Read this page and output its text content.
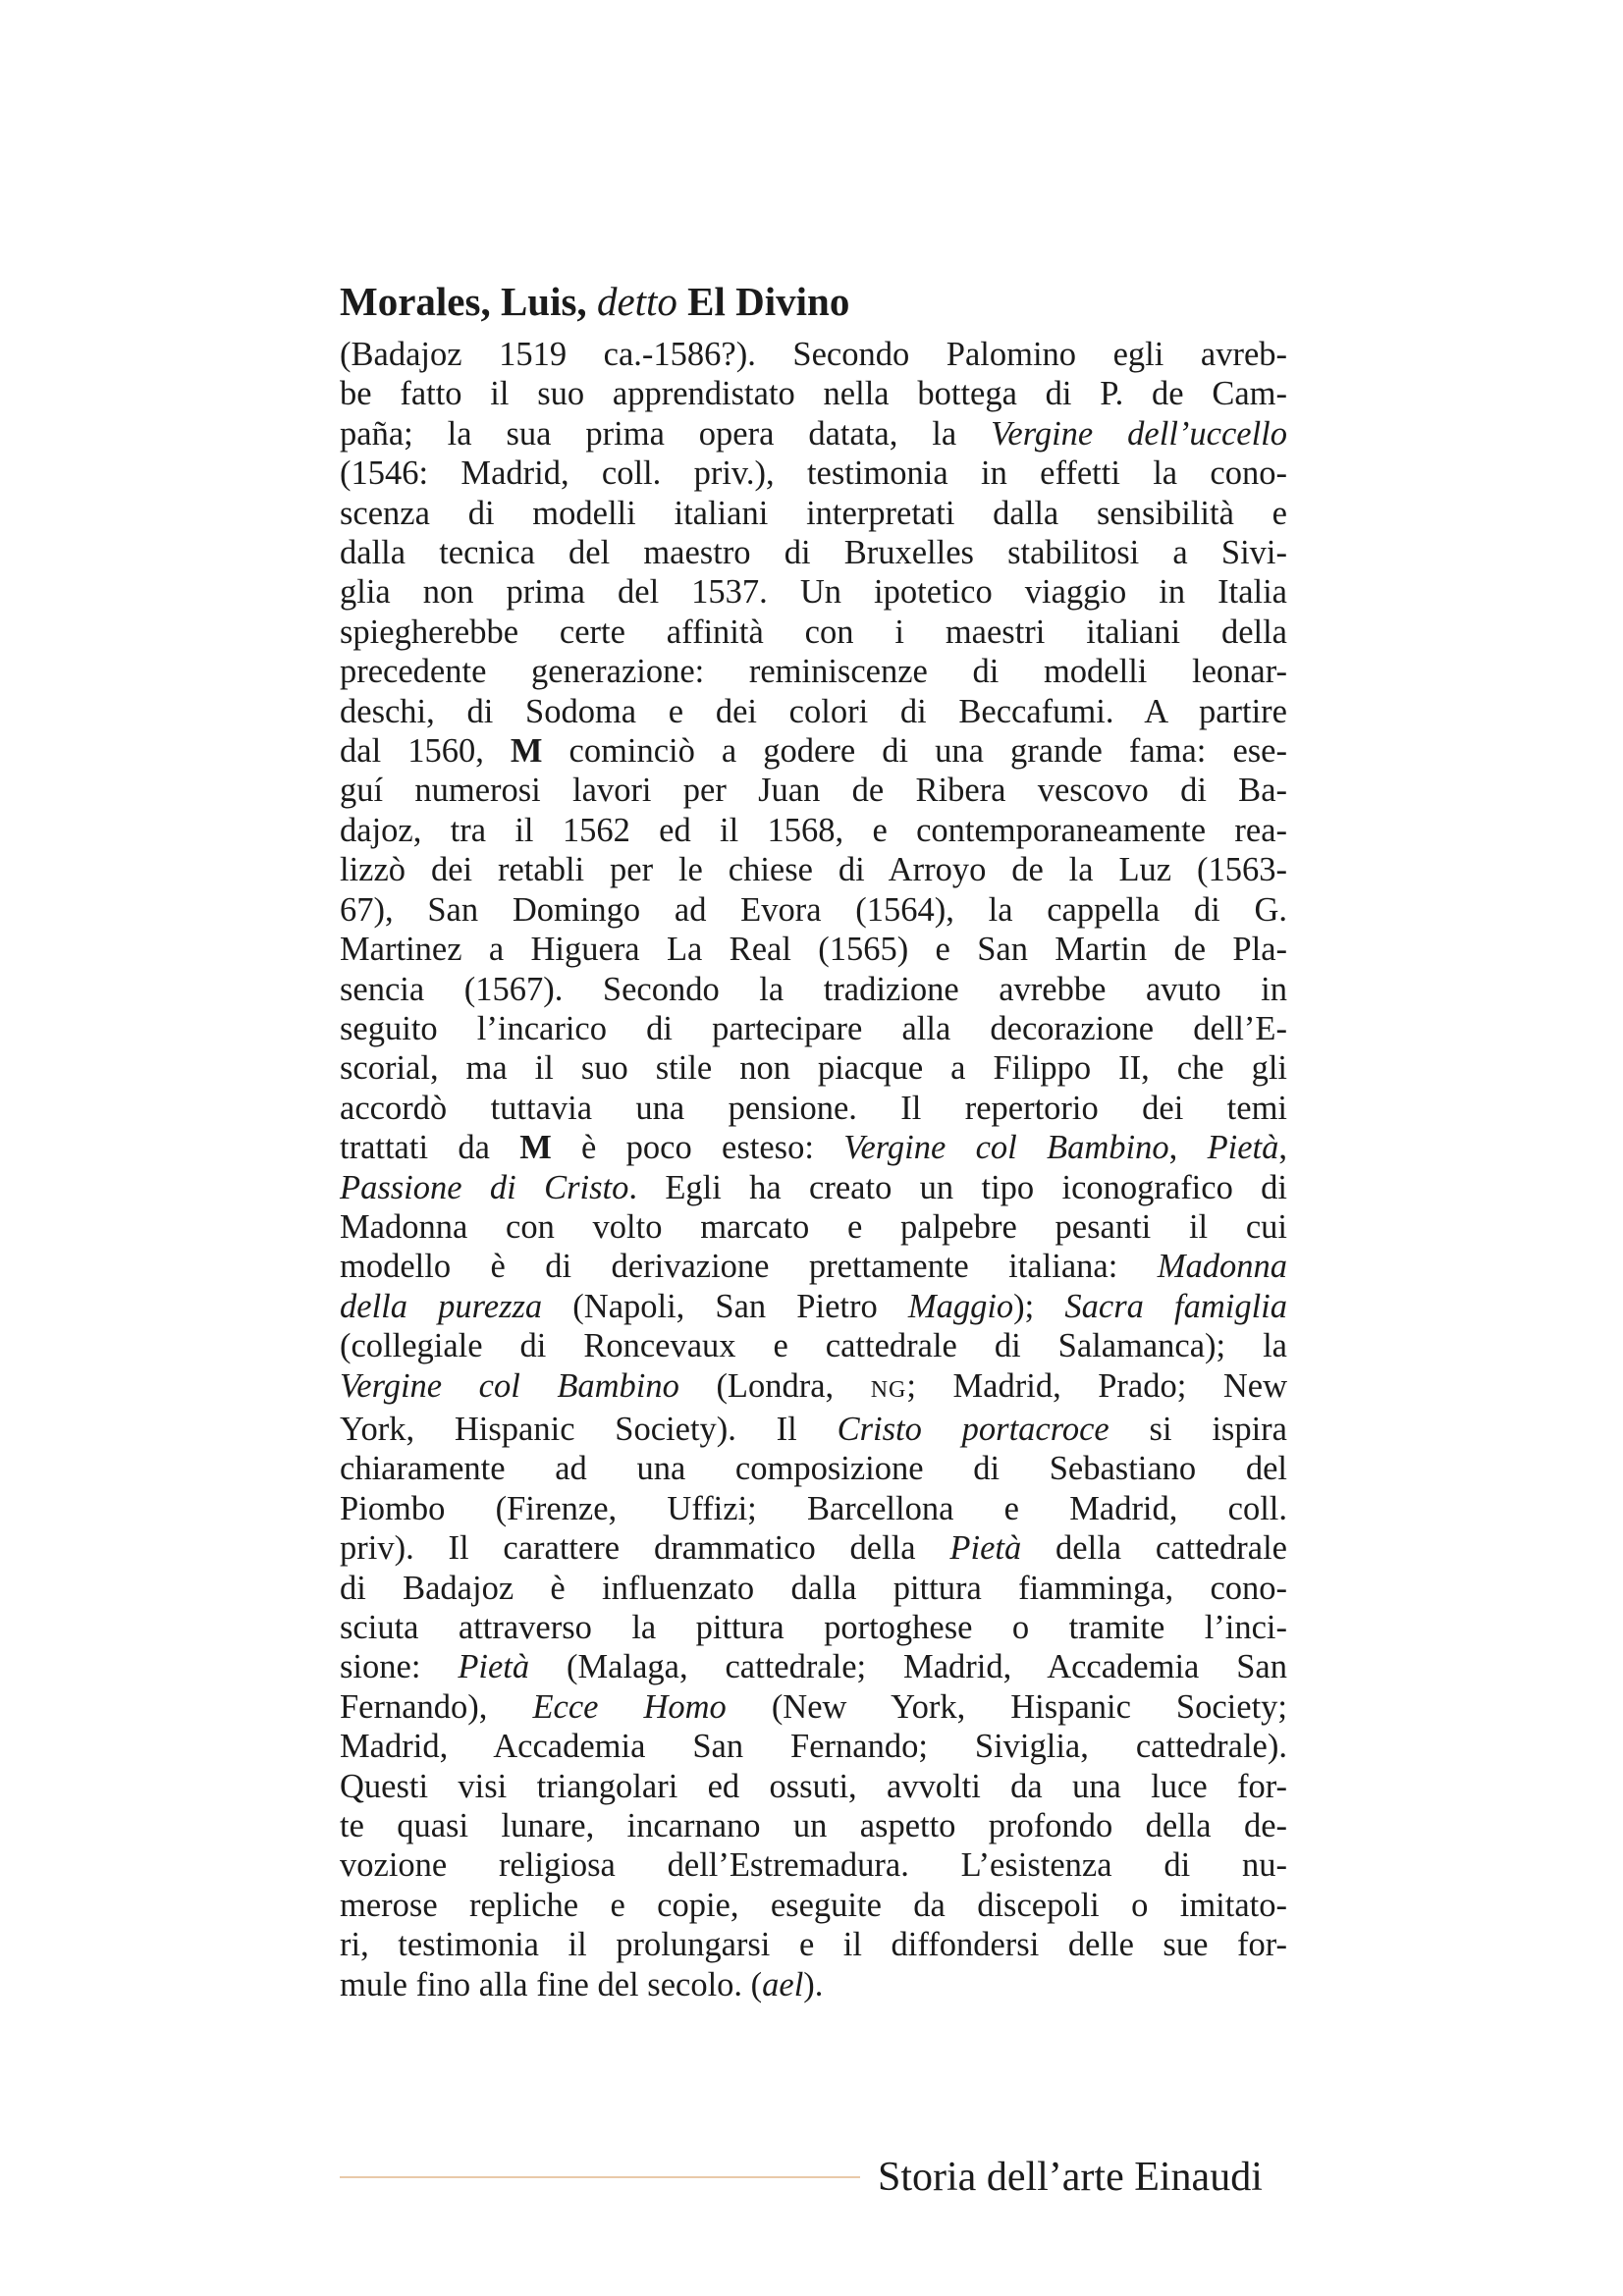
Morales, Luis, detto El Divino
(Badajoz 1519 ca.-1586?). Secondo Palomino egli avreb-
be fatto il suo apprendistato nella bottega di P. de Cam-
paña; la sua prima opera datata, la Vergine dell’uccello
(1546: Madrid, coll. priv.), testimonia in effetti la cono-
scenza di modelli italiani interpretati dalla sensibilità e
dalla tecnica del maestro di Bruxelles stabilitosi a Sivi-
glia non prima del 1537. Un ipotetico viaggio in Italia
spiegherebbe certe affinità con i maestri italiani della
precedente generazione: reminiscenze di modelli leonar-
deschi, di Sodoma e dei colori di Beccafumi. A partire
dal 1560, M cominciò a godere di una grande fama: ese-
guí numerosi lavori per Juan de Ribera vescovo di Ba-
dajoz, tra il 1562 ed il 1568, e contemporaneamente rea-
lizzò dei retabli per le chiese di Arroyo de la Luz (1563-
67), San Domingo ad Evora (1564), la cappella di G.
Martinez a Higuera La Real (1565) e San Martin de Pla-
sencia (1567). Secondo la tradizione avrebbe avuto in
seguito l’incarico di partecipare alla decorazione dell’E-
scorial, ma il suo stile non piacque a Filippo II, che gli
accordò tuttavia una pensione. Il repertorio dei temi
trattati da M è poco esteso: Vergine col Bambino, Pietà,
Passione di Cristo. Egli ha creato un tipo iconografico di
Madonna con volto marcato e palpebre pesanti il cui
modello è di derivazione prettamente italiana: Madonna
della purezza (Napoli, San Pietro Maggio); Sacra famiglia
(collegiale di Roncevaux e cattedrale di Salamanca); la
Vergine col Bambino (Londra, NG; Madrid, Prado; New
York, Hispanic Society). Il Cristo portacroce si ispira
chiaramente ad una composizione di Sebastiano del
Piombo (Firenze, Uffizi; Barcellona e Madrid, coll.
priv). Il carattere drammatico della Pietà della cattedrale
di Badajoz è influenzato dalla pittura fiamminga, cono-
sciuta attraverso la pittura portoghese o tramite l’inci-
sione: Pietà (Malaga, cattedrale; Madrid, Accademia San
Fernando), Ecce Homo (New York, Hispanic Society;
Madrid, Accademia San Fernando; Siviglia, cattedrale).
Questi visi triangolari ed ossuti, avvolti da una luce for-
te quasi lunare, incarnano un aspetto profondo della de-
vozione religiosa dell’Estremadura. L’esistenza di nu-
merose repliche e copie, eseguite da discepoli o imitato-
ri, testimonia il prolungarsi e il diffondersi delle sue for-
mule fino alla fine del secolo. (ael).
Storia dell’arte Einaudi
